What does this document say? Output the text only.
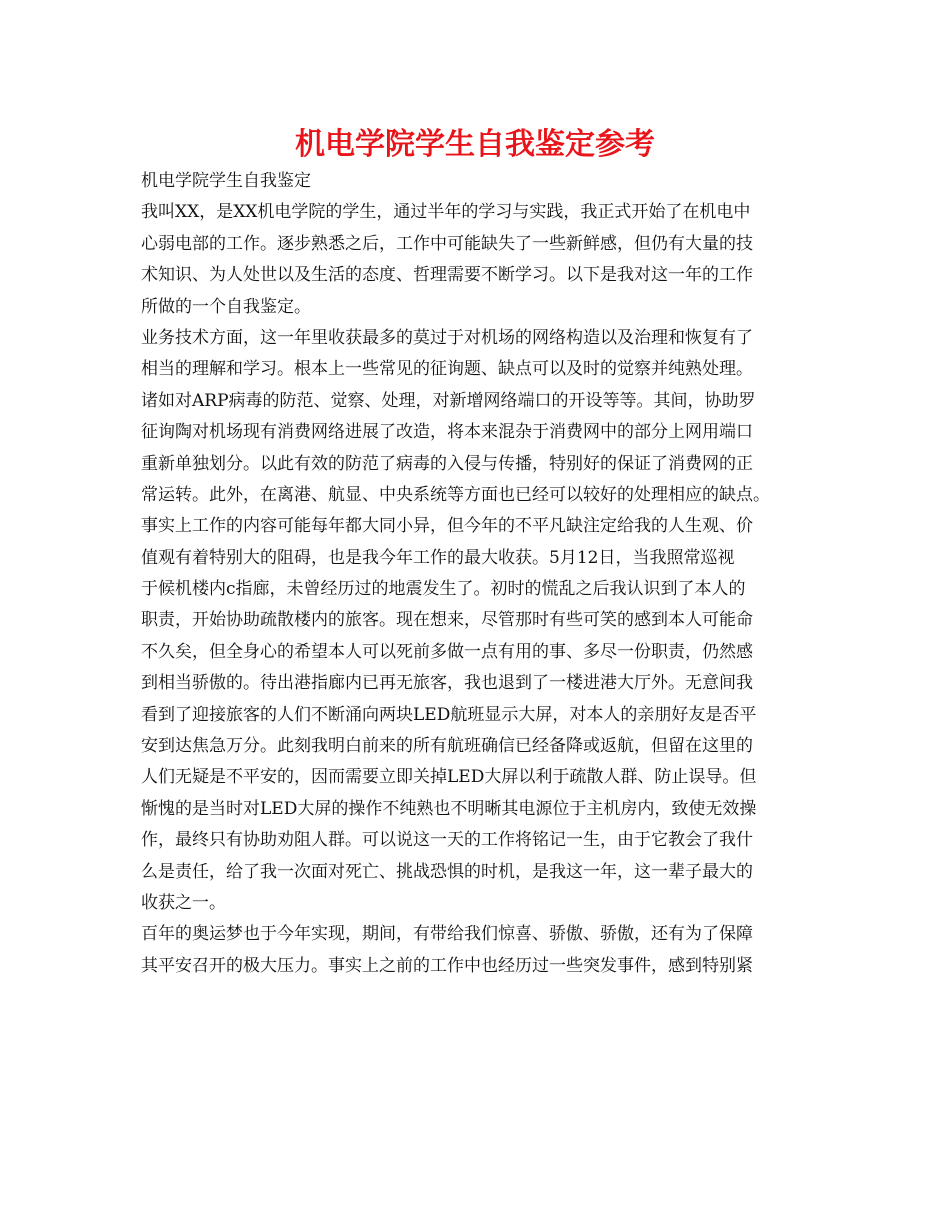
机电学院学生自我鉴定参考
机电学院学生自我鉴定
我叫XX，是XX机电学院的学生，通过半年的学习与实践，我正式开始了在机电中
心弱电部的工作。逐步熟悉之后，工作中可能缺失了一些新鲜感，但仍有大量的技
术知识、为人处世以及生活的态度、哲理需要不断学习。以下是我对这一年的工作
所做的一个自我鉴定。
业务技术方面，这一年里收获最多的莫过于对机场的网络构造以及治理和恢复有了
相当的理解和学习。根本上一些常见的征询题、缺点可以及时的觉察并纯熟处理。
诸如对ARP病毒的防范、觉察、处理，对新增网络端口的开设等等。其间，协助罗
征询陶对机场现有消费网络进展了改造，将本来混杂于消费网中的部分上网用端口
重新单独划分。以此有效的防范了病毒的入侵与传播，特别好的保证了消费网的正
常运转。此外，在离港、航显、中央系统等方面也已经可以较好的处理相应的缺点。
事实上工作的内容可能每年都大同小异，但今年的不平凡缺注定给我的人生观、价
值观有着特别大的阻碍，也是我今年工作的最大收获。5月12日，当我照常巡视
于候机楼内c指廊，未曾经历过的地震发生了。初时的慌乱之后我认识到了本人的
职责，开始协助疏散楼内的旅客。现在想来，尽管那时有些可笑的感到本人可能命
不久矣，但全身心的希望本人可以死前多做一点有用的事、多尽一份职责，仍然感
到相当骄傲的。待出港指廊内已再无旅客，我也退到了一楼进港大厅外。无意间我
看到了迎接旅客的人们不断涌向两块LED航班显示大屏，对本人的亲朋好友是否平
安到达焦急万分。此刻我明白前来的所有航班确信已经备降或返航，但留在这里的
人们无疑是不平安的，因而需要立即关掉LED大屏以利于疏散人群、防止误导。但
惭愧的是当时对LED大屏的操作不纯熟也不明晰其电源位于主机房内，致使无效操
作，最终只有协助劝阻人群。可以说这一天的工作将铭记一生，由于它教会了我什
么是责任，给了我一次面对死亡、挑战恐惧的时机，是我这一年，这一辈子最大的
收获之一。
百年的奥运梦也于今年实现，期间，有带给我们惊喜、骄傲、骄傲，还有为了保障
其平安召开的极大压力。事实上之前的工作中也经历过一些突发事件，感到特别紧
